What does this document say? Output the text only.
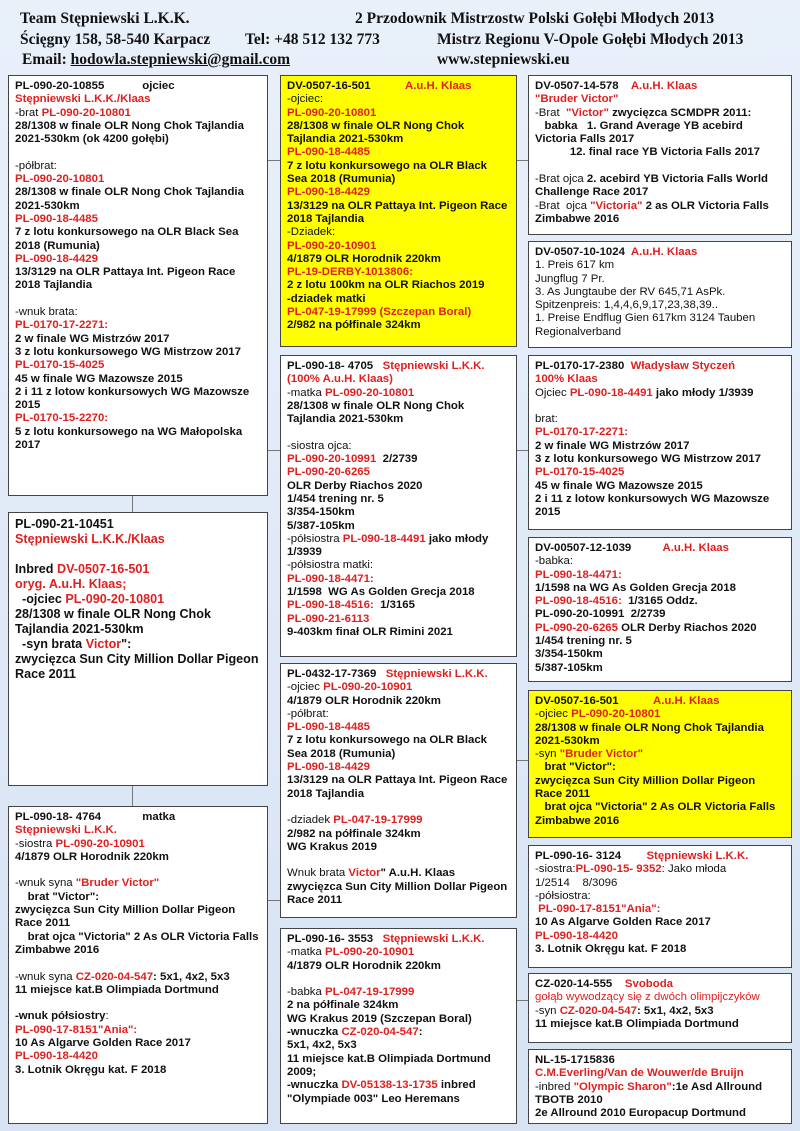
Team Stępniewski L.K.K.	2 Przodownik Mistrzostw Polski Gołębi Młodych 2013
Ścięgny 158, 58-540 Karpacz Tel: +48 512 132 773	Mistrz Regionu V-Opole Gołębi Młodych 2013
Email: hodowla.stepniewski@gmail.com	www.stepniewski.eu
PL-090-20-10855            ojciec
Stępniewski L.K.K./Klaas
-brat PL-090-20-10801
28/1308 w finale OLR Nong Chok Tajlandia 2021-530km (ok 4200 gołębi)

-półbrat:
PL-090-20-10801
28/1308 w finale OLR Nong Chok Tajlandia 2021-530km
PL-090-18-4485
7 z lotu konkursowego na OLR Black Sea 2018 (Rumunia)
PL-090-18-4429
13/3129 na OLR Pattaya Int. Pigeon Race 2018 Tajlandia

-wnuk brata:
PL-0170-17-2271:
2 w finale WG Mistrzów 2017
3 z lotu konkursowego WG Mistrzow 2017
PL-0170-15-4025
45 w finale WG Mazowsze 2015
2 i 11 z lotow konkursowych WG Mazowsze 2015
PL-0170-15-2270:
5 z lotu konkursowego na WG Małopolska 2017
PL-090-21-10451
Stępniewski L.K.K./Klaas

Inbred DV-0507-16-501
oryg. A.u.H. Klaas;
-ojciec PL-090-20-10801
28/1308 w finale OLR Nong Chok Tajlandia 2021-530km
-syn brata Victor":
zwycięzca Sun City Million Dollar Pigeon Race 2011
PL-090-18- 4764             matka
Stępniewski L.K.K.
-siostra PL-090-20-10901
4/1879 OLR Horodnik 220km

-wnuk syna "Bruder Victor"
brat "Victor":
zwycięzca Sun City Million Dollar Pigeon Race 2011
brat ojca "Victoria" 2 As OLR Victoria Falls Zimbabwe 2016

-wnuk syna CZ-020-04-547: 5x1, 4x2, 5x3
11 miejsce kat.B Olimpiada Dortmund

-wnuk półsiostry:
PL-090-17-8151"Ania":
10 As Algarve Golden Race 2017
PL-090-18-4420
3. Lotnik Okręgu kat. F 2018
DV-0507-16-501           A.u.H. Klaas
-ojciec:
PL-090-20-10801
28/1308 w finale OLR Nong Chok Tajlandia 2021-530km
PL-090-18-4485
7 z lotu konkursowego na OLR Black Sea 2018 (Rumunia)
PL-090-18-4429
13/3129 na OLR Pattaya Int. Pigeon Race 2018 Tajlandia
-Dziadek:
PL-090-20-10901
4/1879 OLR Horodnik 220km
PL-19-DERBY-1013806:
2 z lotu 100km na OLR Riachos 2019
-dziadek matki
PL-047-19-17999 (Szczepan Boral)
2/982 na półfinale 324km
PL-090-18- 4705   Stępniewski L.K.K.
(100% A.u.H. Klaas)
-matka PL-090-20-10801
28/1308 w finale OLR Nong Chok Tajlandia 2021-530km

-siostra ojca:
PL-090-20-10991  2/2739
PL-090-20-6265
OLR Derby Riachos 2020
1/454 trening nr. 5
3/354-150km
5/387-105km
-półsiostra PL-090-18-4491 jako młody
1/3939
-półsiostra matki:
PL-090-18-4471:
1/1598  WG As Golden Grecja 2018
PL-090-18-4516:  1/3165
PL-090-21-6113
9-403km finał OLR Rimini 2021
PL-0432-17-7369   Stępniewski L.K.K.
-ojciec PL-090-20-10901
4/1879 OLR Horodnik 220km
-półbrat:
PL-090-18-4485
7 z lotu konkursowego na OLR Black Sea 2018 (Rumunia)
PL-090-18-4429
13/3129 na OLR Pattaya Int. Pigeon Race 2018 Tajlandia

-dziadek PL-047-19-17999
2/982 na półfinale 324km
WG Krakus 2019

Wnuk brata Victor" A.u.H. Klaas
zwycięzca Sun City Million Dollar Pigeon Race 2011
PL-090-16- 3553   Stępniewski L.K.K.
-matka PL-090-20-10901
4/1879 OLR Horodnik 220km

-babka PL-047-19-17999
2 na półfinale 324km
WG Krakus 2019 (Szczepan Boral)
-wnuczka CZ-020-04-547:
5x1, 4x2, 5x3
11 miejsce kat.B Olimpiada Dortmund 2009;
-wnuczka DV-05138-13-1735 inbred
"Olympiade 003" Leo Heremans
DV-0507-14-578    A.u.H. Klaas
"Bruder Victor"
-Brat  "Victor" zwycięzca SCMDPR 2011:
babka   1. Grand Average YB acebird Victoria Falls 2017
12. final race YB Victoria Falls 2017

-Brat ojca 2. acebird YB Victoria Falls World Challenge Race 2017
-Brat  ojca "Victoria" 2 as OLR Victoria Falls Zimbabwe 2016
DV-0507-10-1024  A.u.H. Klaas
1. Preis 617 km
Jungflug 7 Pr.
3. As Jungtaube der RV 645,71 AsPk.
Spitzenpreis: 1,4,4,6,9,17,23,38,39..
1. Preise Endflug Gien 617km 3124 Tauben
Regionalverband
PL-0170-17-2380  Władysław Styczeń
100% Klaas
Ojciec PL-090-18-4491 jako młody 1/3939

brat:
PL-0170-17-2271:
2 w finale WG Mistrzów 2017
3 z lotu konkursowego WG Mistrzow 2017
PL-0170-15-4025
45 w finale WG Mazowsze 2015
2 i 11 z lotow konkursowych WG Mazowsze 2015
DV-00507-12-1039          A.u.H. Klaas
-babka:
PL-090-18-4471:
1/1598 na WG As Golden Grecja 2018
PL-090-18-4516:  1/3165 Oddz.
PL-090-20-10991  2/2739
PL-090-20-6265 OLR Derby Riachos 2020
1/454 trening nr. 5
3/354-150km
5/387-105km
DV-0507-16-501           A.u.H. Klaas
-ojciec PL-090-20-10801
28/1308 w finale OLR Nong Chok Tajlandia 2021-530km
-syn "Bruder Victor"
brat "Victor":
zwycięzca Sun City Million Dollar Pigeon Race 2011
brat ojca "Victoria" 2 As OLR Victoria Falls Zimbabwe 2016
PL-090-16- 3124        Stępniewski L.K.K.
-siostra:PL-090-15- 9352: Jako młoda
1/2514    8/3096
-półsiostra:
PL-090-17-8151"Ania":
10 As Algarve Golden Race 2017
PL-090-18-4420
3. Lotnik Okręgu kat. F 2018
CZ-020-14-555    Svoboda
gołąb wywodzący się z dwóch olimpijczyków
-syn CZ-020-04-547: 5x1, 4x2, 5x3
11 miejsce kat.B Olimpiada Dortmund
NL-15-1715836
C.M.Everling/Van de Wouwer/de Bruijn
-inbred "Olympic Sharon":1e Asd Allround TBOTB 2010
2e Allround 2010 Europacup Dortmund
